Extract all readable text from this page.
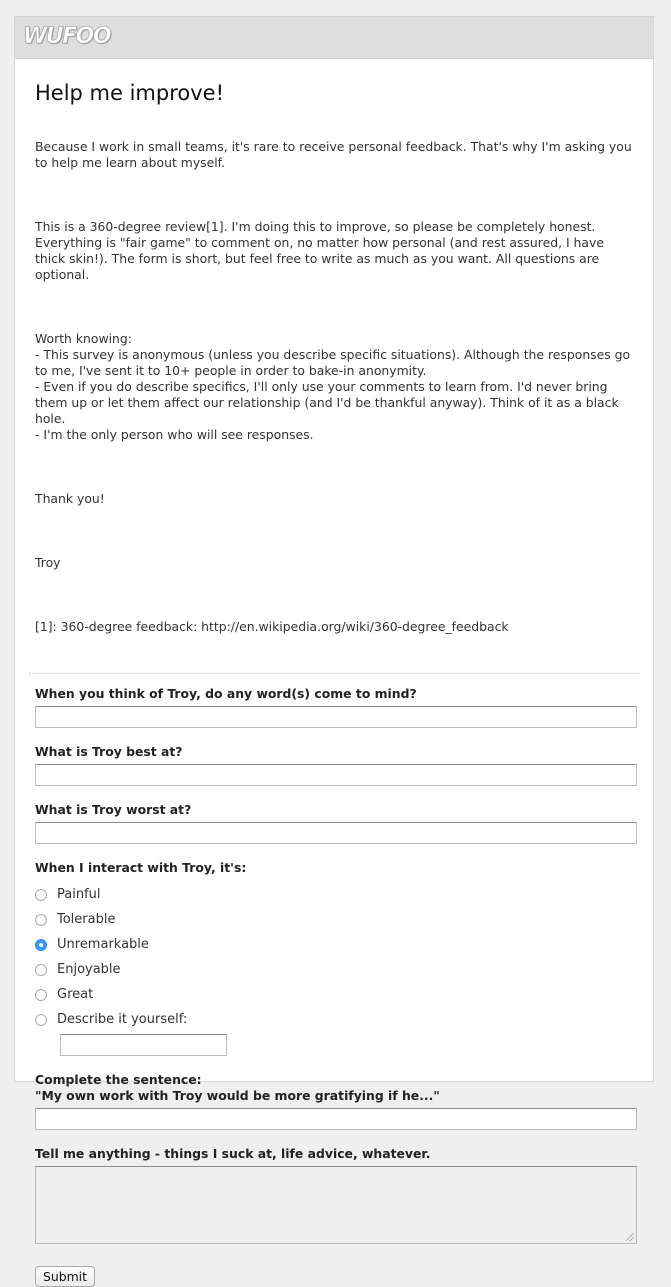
WUFOO
Help me improve!

Because I work in small teams, it's rare to receive personal feedback. That's why I'm asking you to help me learn about myself.

This is a 360-degree review[1]. I'm doing this to improve, so please be completely honest. Everything is "fair game" to comment on, no matter how personal (and rest assured, I have thick skin!). The form is short, but feel free to write as much as you want. All questions are optional.

Worth knowing:
- This survey is anonymous (unless you describe specific situations). Although the responses go to me, I've sent it to 10+ people in order to bake-in anonymity.
- Even if you do describe specifics, I'll only use your comments to learn from. I'd never bring them up or let them affect our relationship (and I'd be thankful anyway). Think of it as a black hole.
- I'm the only person who will see responses.

Thank you!

Troy

[1]: 360-degree feedback: http://en.wikipedia.org/wiki/360-degree_feedback

When you think of Troy, do any word(s) come to mind?
What is Troy best at?
What is Troy worst at?
When I interact with Troy, it's:
Painful
Tolerable
Unremarkable
Enjoyable
Great
Describe it yourself:
Complete the sentence:
"My own work with Troy would be more gratifying if he..."
Tell me anything - things I suck at, life advice, whatever.
Submit
